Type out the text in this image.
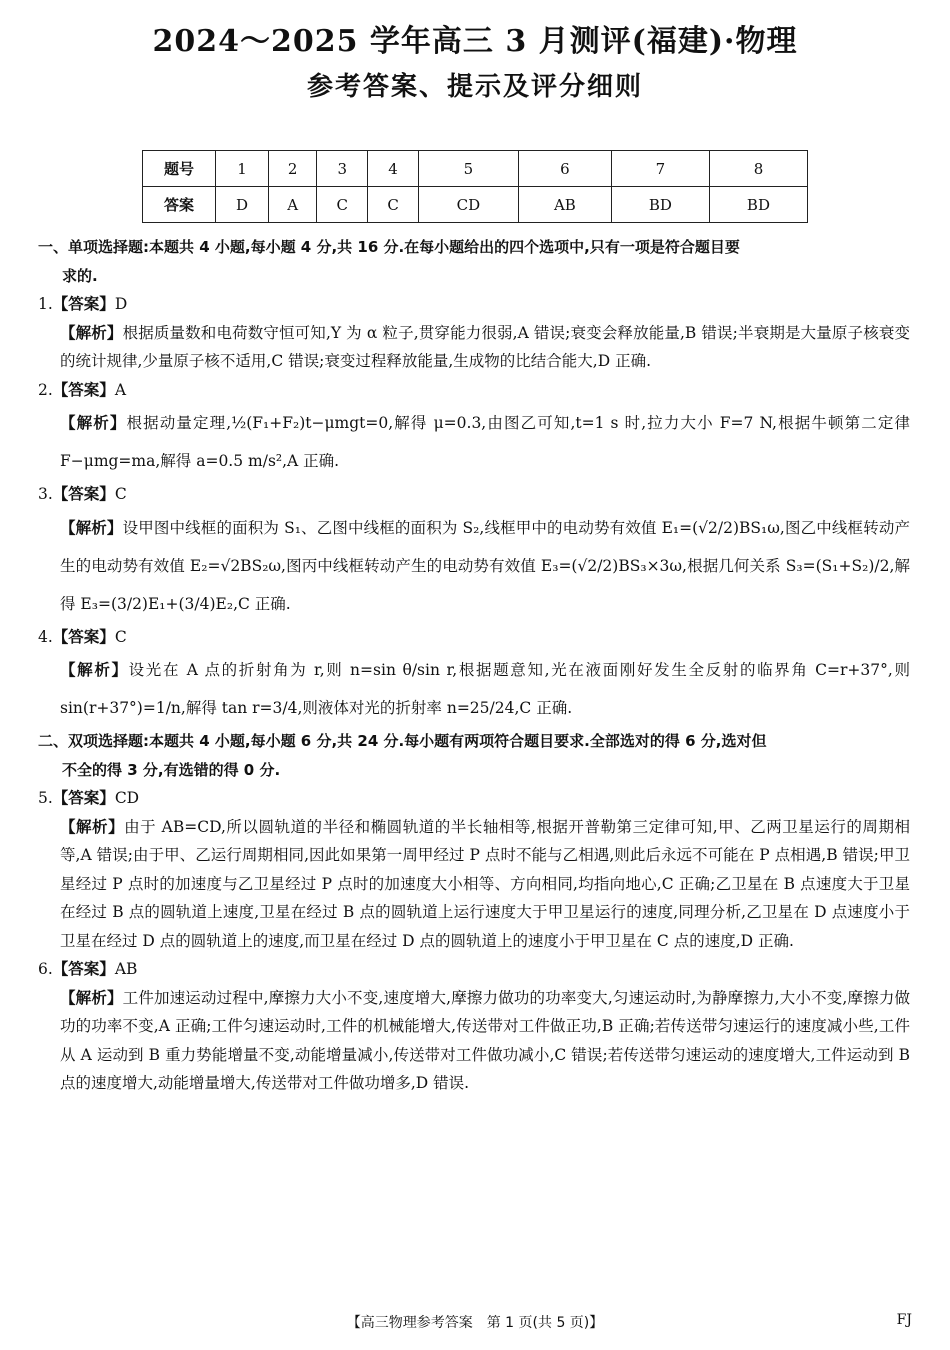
2024～2025 学年高三 3 月测评(福建)·物理
参考答案、提示及评分细则
题号	1	2	3	4	5	6	7	8
答案	D	A	C	C	CD	AB	BD	BD
一、单项选择题:本题共 4 小题,每小题 4 分,共 16 分.在每小题给出的四个选项中,只有一项是符合题目要
求的.
1.【答案】D
【解析】根据质量数和电荷数守恒可知,Y 为 α 粒子,贯穿能力很弱,A 错误;衰变会释放能量,B 错误;半衰期是大量原子核衰变的统计规律,少量原子核不适用,C 错误;衰变过程释放能量,生成物的比结合能大,D 正确.
2.【答案】A
【解析】根据动量定理,½(F₁+F₂)t−μmgt=0,解得 μ=0.3,由图乙可知,t=1 s 时,拉力大小 F=7 N,根据牛顿第二定律 F−μmg=ma,解得 a=0.5 m/s²,A 正确.
3.【答案】C
【解析】设甲图中线框的面积为 S₁、乙图中线框的面积为 S₂,线框甲中的电动势有效值 E₁=(√2/2)BS₁ω,图乙中线框转动产生的电动势有效值 E₂=√2BS₂ω,图丙中线框转动产生的电动势有效值 E₃=(√2/2)BS₃×3ω,根据几何关系 S₃=(S₁+S₂)/2,解得 E₃=(3/2)E₁+(3/4)E₂,C 正确.
4.【答案】C
【解析】设光在 A 点的折射角为 r,则 n=sin θ/sin r,根据题意知,光在液面刚好发生全反射的临界角 C=r+37°,则 sin(r+37°)=1/n,解得 tan r=3/4,则液体对光的折射率 n=25/24,C 正确.
二、双项选择题:本题共 4 小题,每小题 6 分,共 24 分.每小题有两项符合题目要求.全部选对的得 6 分,选对但
不全的得 3 分,有选错的得 0 分.
5.【答案】CD
【解析】由于 AB=CD,所以圆轨道的半径和椭圆轨道的半长轴相等,根据开普勒第三定律可知,甲、乙两卫星运行的周期相等,A 错误;由于甲、乙运行周期相同,因此如果第一周甲经过 P 点时不能与乙相遇,则此后永远不可能在 P 点相遇,B 错误;甲卫星经过 P 点时的加速度与乙卫星经过 P 点时的加速度大小相等、方向相同,均指向地心,C 正确;乙卫星在 B 点速度大于卫星在经过 B 点的圆轨道上速度,卫星在经过 B 点的圆轨道上运行速度大于甲卫星运行的速度,同理分析,乙卫星在 D 点速度小于卫星在经过 D 点的圆轨道上的速度,而卫星在经过 D 点的圆轨道上的速度小于甲卫星在 C 点的速度,D 正确.
6.【答案】AB
【解析】工件加速运动过程中,摩擦力大小不变,速度增大,摩擦力做功的功率变大,匀速运动时,为静摩擦力,大小不变,摩擦力做功的功率不变,A 正确;工件匀速运动时,工件的机械能增大,传送带对工件做正功,B 正确;若传送带匀速运行的速度减小些,工件从 A 运动到 B 重力势能增量不变,动能增量减小,传送带对工件做功减小,C 错误;若传送带匀速运动的速度增大,工件运动到 B 点的速度增大,动能增量增大,传送带对工件做功增多,D 错误.
【高三物理参考答案　第 1 页(共 5 页)】	FJ
